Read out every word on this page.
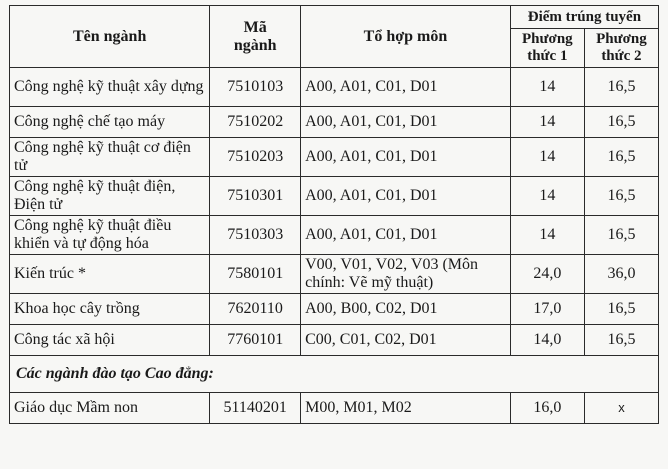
Tên ngành	Mã ngành	Tổ hợp môn	Điểm trúng tuyển	
			Phương thức 1	Phương thức 2
Công nghệ kỹ thuật xây dựng	7510103	A00, A01, C01, D01	14	16,5
Công nghệ chế tạo máy	7510202	A00, A01, C01, D01	14	16,5
Công nghệ kỹ thuật cơ điện tử	7510203	A00, A01, C01, D01	14	16,5
Công nghệ kỹ thuật điện, Điện tử	7510301	A00, A01, C01, D01	14	16,5
Công nghệ kỹ thuật điều khiển và tự động hóa	7510303	A00, A01, C01, D01	14	16,5
Kiến trúc *	7580101	V00, V01, V02, V03 (Môn chính: Vẽ mỹ thuật)	24,0	36,0
Khoa học cây trồng	7620110	A00, B00, C02, D01	17,0	16,5
Công tác xã hội	7760101	C00, C01, C02, D01	14,0	16,5
Các ngành đào tạo Cao đẳng:				
Giáo dục Mầm non	51140201	M00, M01, M02	16,0	x
